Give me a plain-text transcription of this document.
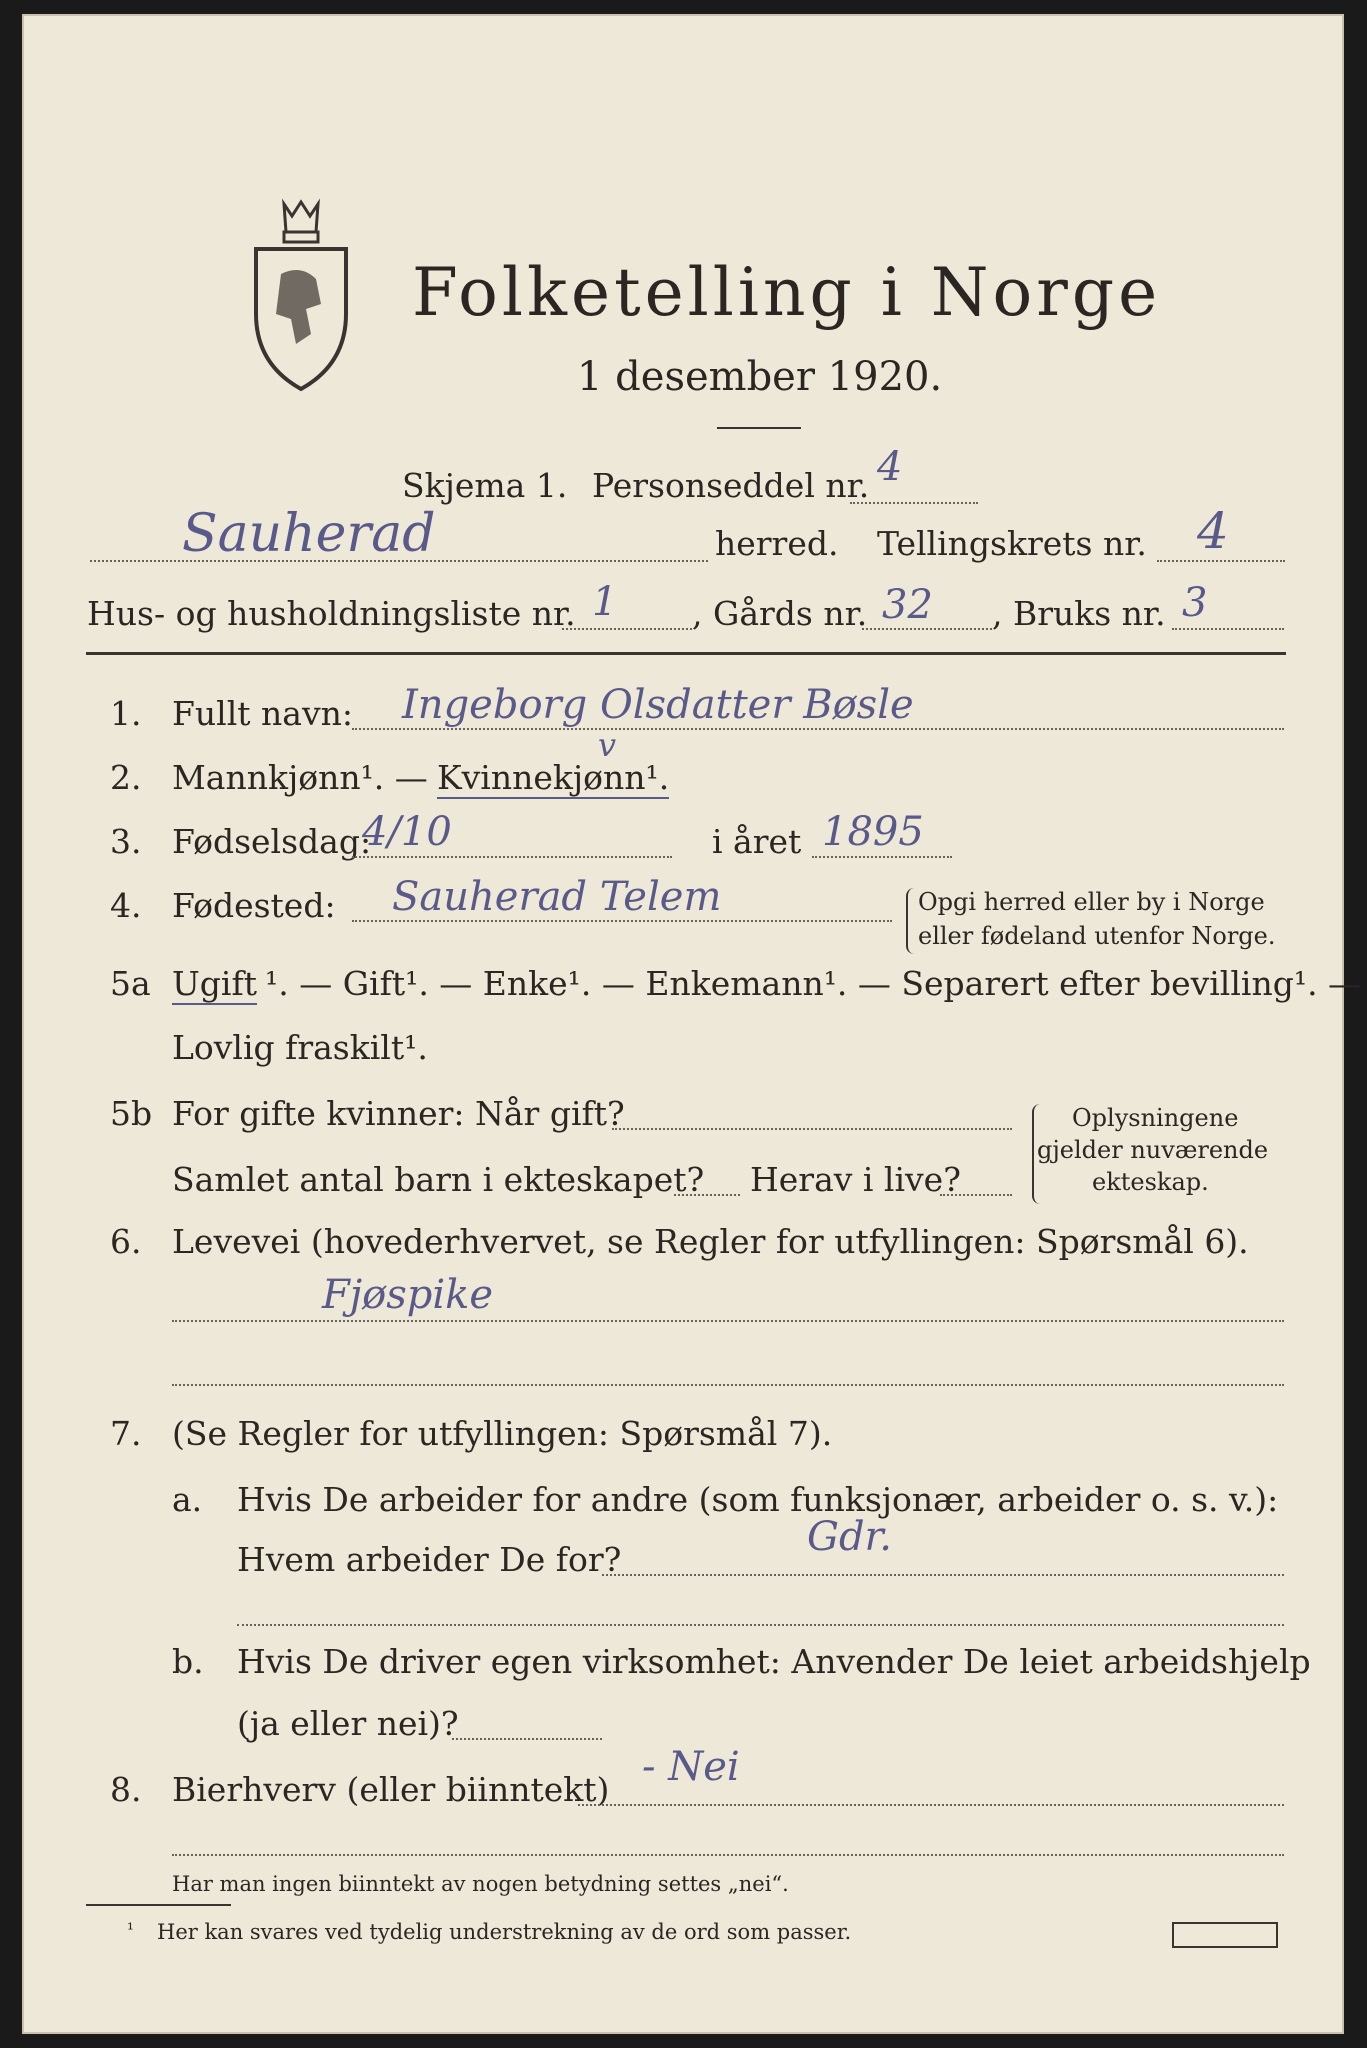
Folketelling i Norge
1 desember 1920.
Skjema 1. Personseddel nr. 4
Sauherad	herred. Tellingskrets nr. 4
Hus- og husholdningsliste nr. 1 , Gårds nr. 32 , Bruks nr. 3
1. Fullt navn: Ingeborg Olsdatter Bøsle
2. Mannkjønn¹. — Kvinnekjønn¹.
v
3. Fødselsdag:
4/10	i året 1895
4. Fødested: Sauherad Telem	Opgi herred eller by i Norge
eller fødeland utenfor Norge.
5a Ugift ¹. — Gift¹. — Enke¹. — Enkemann¹. — Separert efter bevilling¹. —
Lovlig fraskilt¹.
5b For gifte kvinner: Når gift?
Samlet antal barn i ekteskapet? Herav i live?
Oplysningene
gjelder nuværende
ekteskap.
6. Levevei (hovederhvervet, se Regler for utfyllingen: Spørsmål 6).
Fjøspike
7. (Se Regler for utfyllingen: Spørsmål 7).
a. Hvis De arbeider for andre (som funksjonær, arbeider o. s. v.):
Hvem arbeider De for?	Gdr.
b. Hvis De driver egen virksomhet: Anvender De leiet arbeidshjelp
(ja eller nei)?
8. Bierhverv (eller biinntekt) - Nei
Har man ingen biinntekt av nogen betydning settes „nei“.
¹ Her kan svares ved tydelig understrekning av de ord som passer.
